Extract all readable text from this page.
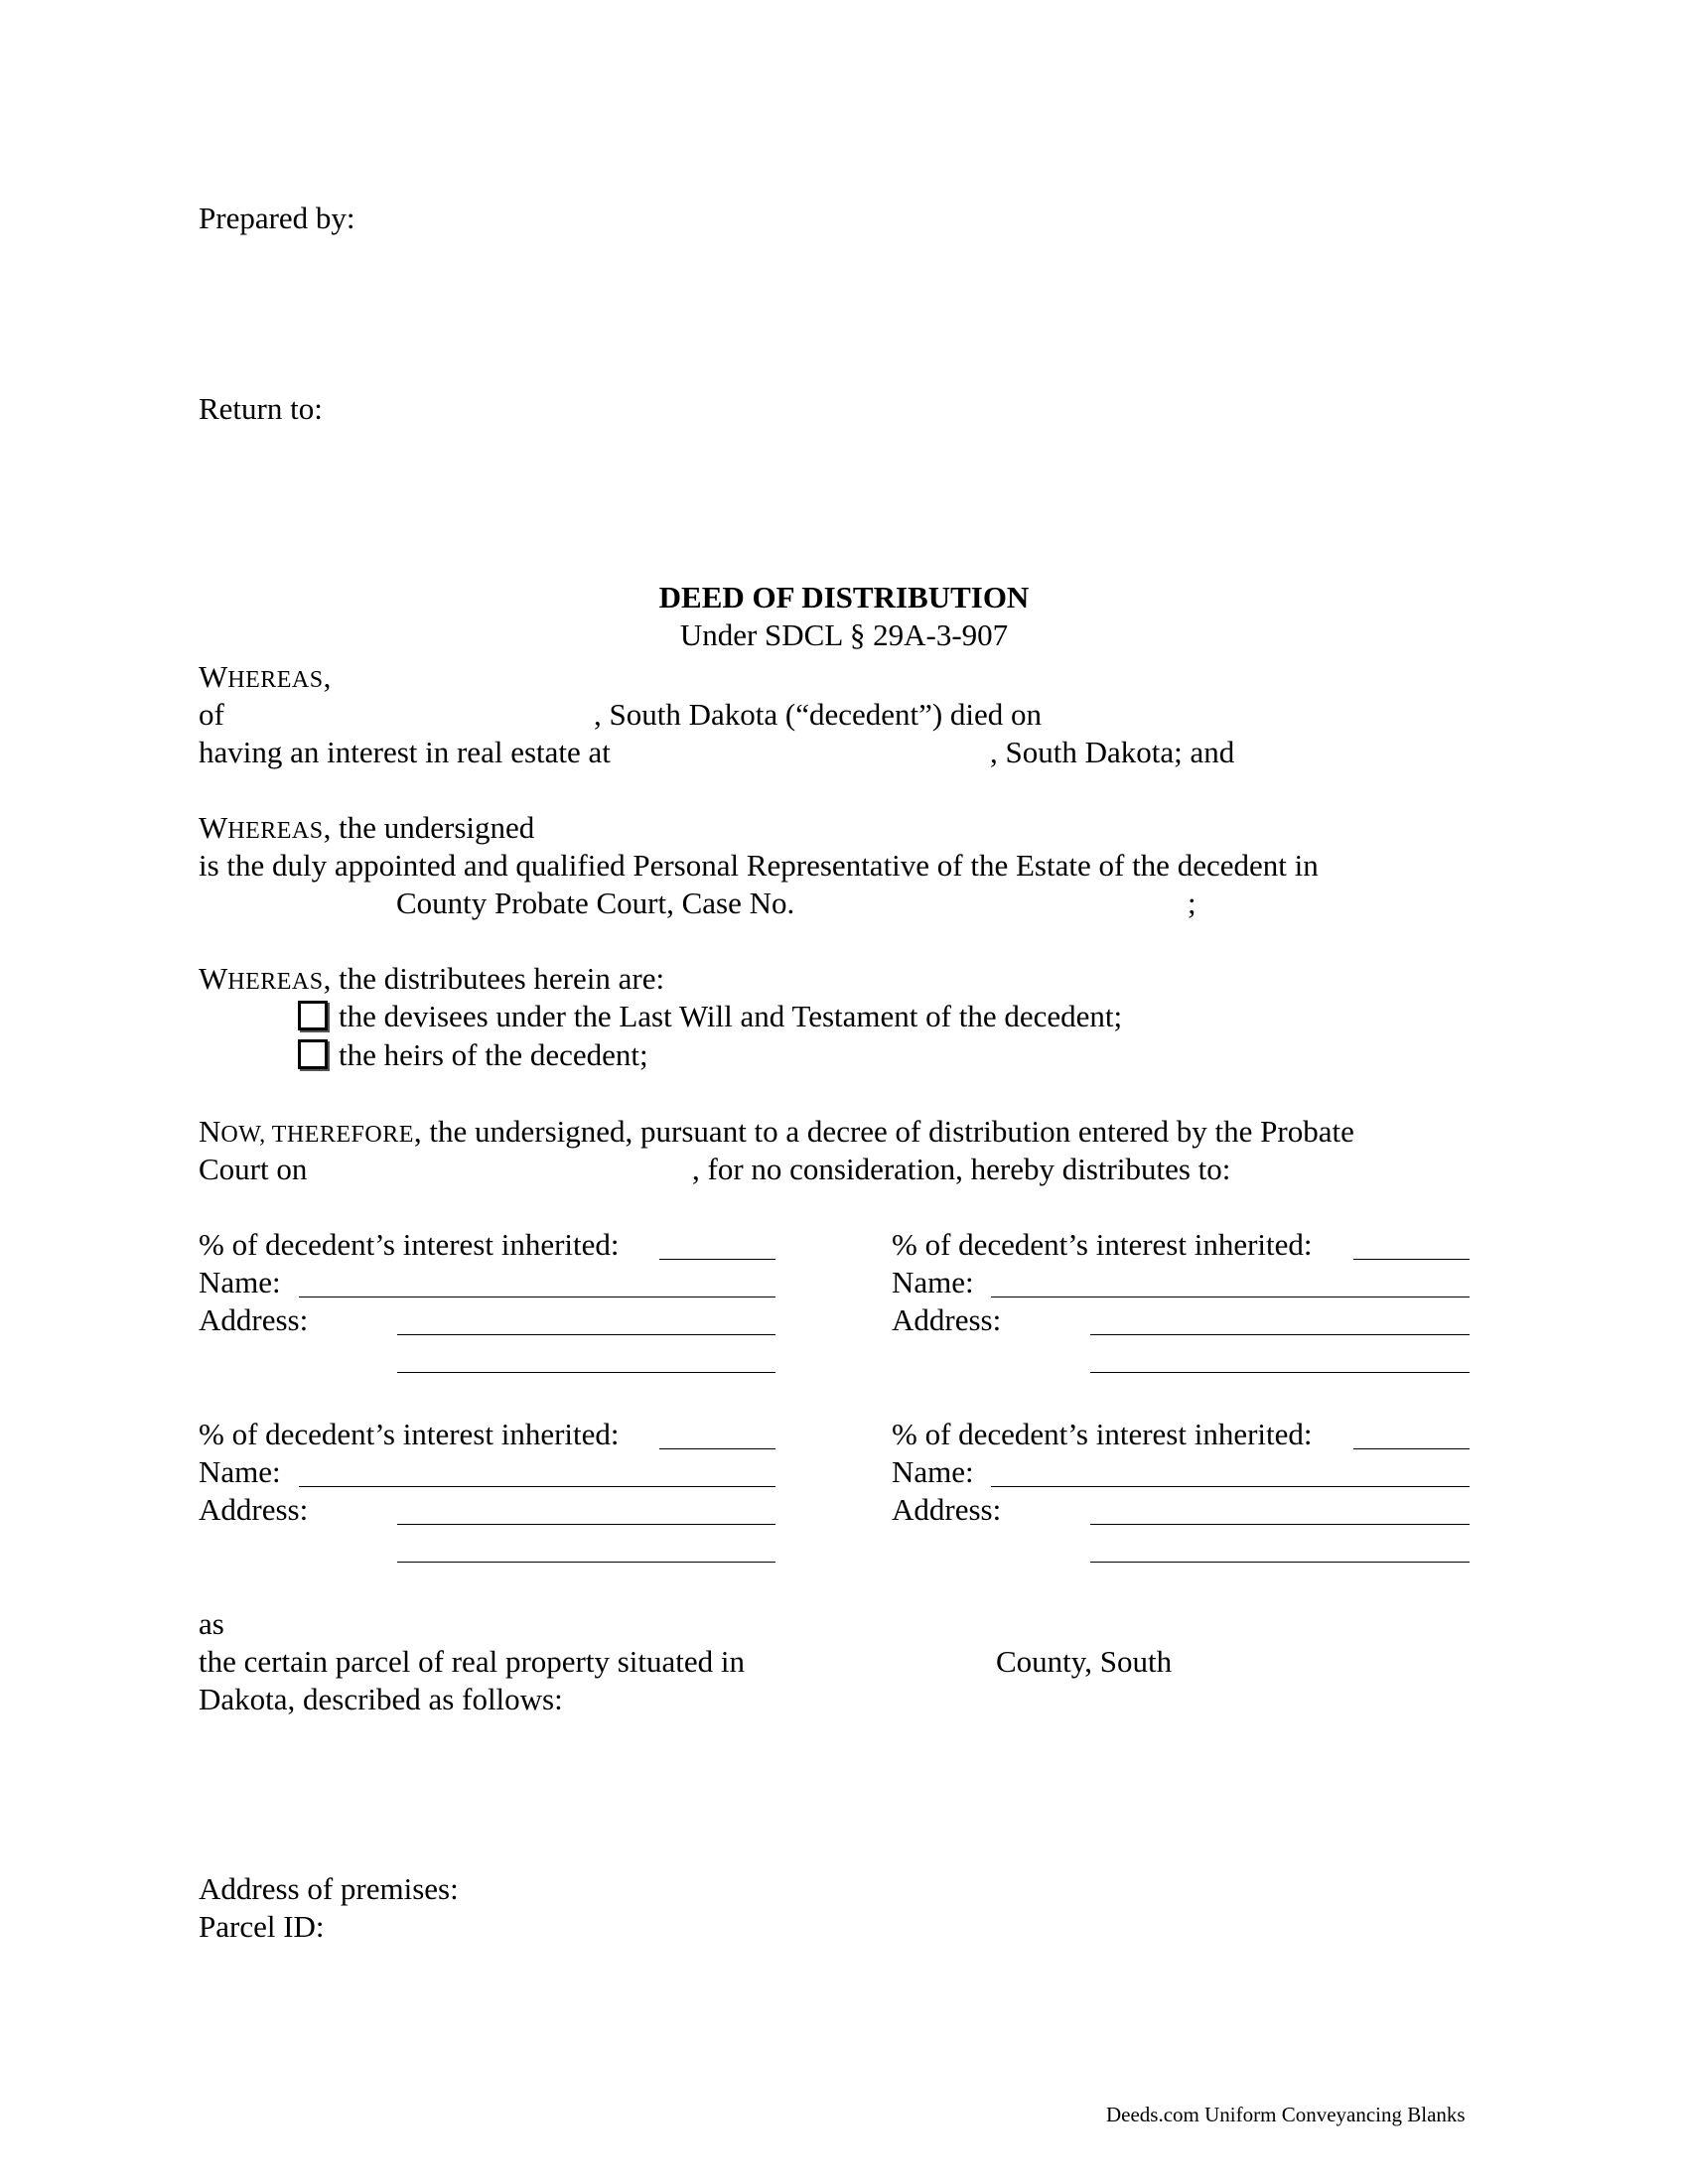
Prepared by:
Return to:
DEED OF DISTRIBUTION
Under SDCL § 29A-3-907
WHEREAS,
of	, South Dakota (“decedent”) died on
having an interest in real estate at	, South Dakota; and
WHEREAS, the undersigned
is the duly appointed and qualified Personal Representative of the Estate of the decedent in
County Probate Court, Case No.	;
WHEREAS, the distributees herein are:
the devisees under the Last Will and Testament of the decedent;
the heirs of the decedent;
NOW, THEREFORE, the undersigned, pursuant to a decree of distribution entered by the Probate
Court on	, for no consideration, hereby distributes to:
% of decedent’s interest inherited:
Name:
Address:
% of decedent’s interest inherited:
Name:
Address:
% of decedent’s interest inherited:
Name:
Address:
% of decedent’s interest inherited:
Name:
Address:
as
the certain parcel of real property situated in	County, South
Dakota, described as follows:
Address of premises:
Parcel ID:
Deeds.com Uniform Conveyancing Blanks
